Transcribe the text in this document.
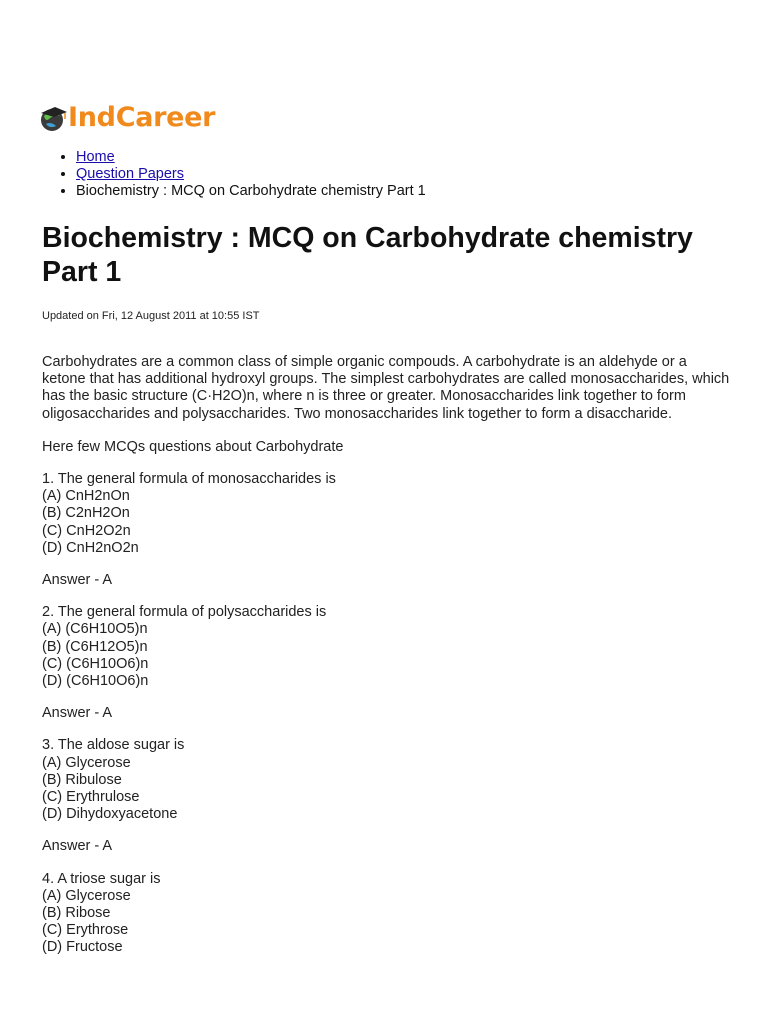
IndCareer
• Home
• Question Papers
• Biochemistry : MCQ on Carbohydrate chemistry Part 1
Biochemistry : MCQ on Carbohydrate chemistry Part 1
Updated on Fri, 12 August 2011 at 10:55 IST

Carbohydrates are a common class of simple organic compouds. A carbohydrate is an aldehyde or a ketone that has additional hydroxyl groups. The simplest carbohydrates are called monosaccharides, which has the basic structure (C·H2O)n, where n is three or greater. Monosaccharides link together to form oligosaccharides and polysaccharides. Two monosaccharides link together to form a disaccharide.

Here few MCQs questions about Carbohydrate

1. The general formula of monosaccharides is
(A) CnH2nOn
(B) C2nH2On
(C) CnH2O2n
(D) CnH2nO2n

Answer - A

2. The general formula of polysaccharides is
(A) (C6H10O5)n
(B) (C6H12O5)n
(C) (C6H10O6)n
(D) (C6H10O6)n

Answer - A

3. The aldose sugar is
(A) Glycerose
(B) Ribulose
(C) Erythrulose
(D) Dihydoxyacetone

Answer - A

4. A triose sugar is
(A) Glycerose
(B) Ribose
(C) Erythrose
(D) Fructose
